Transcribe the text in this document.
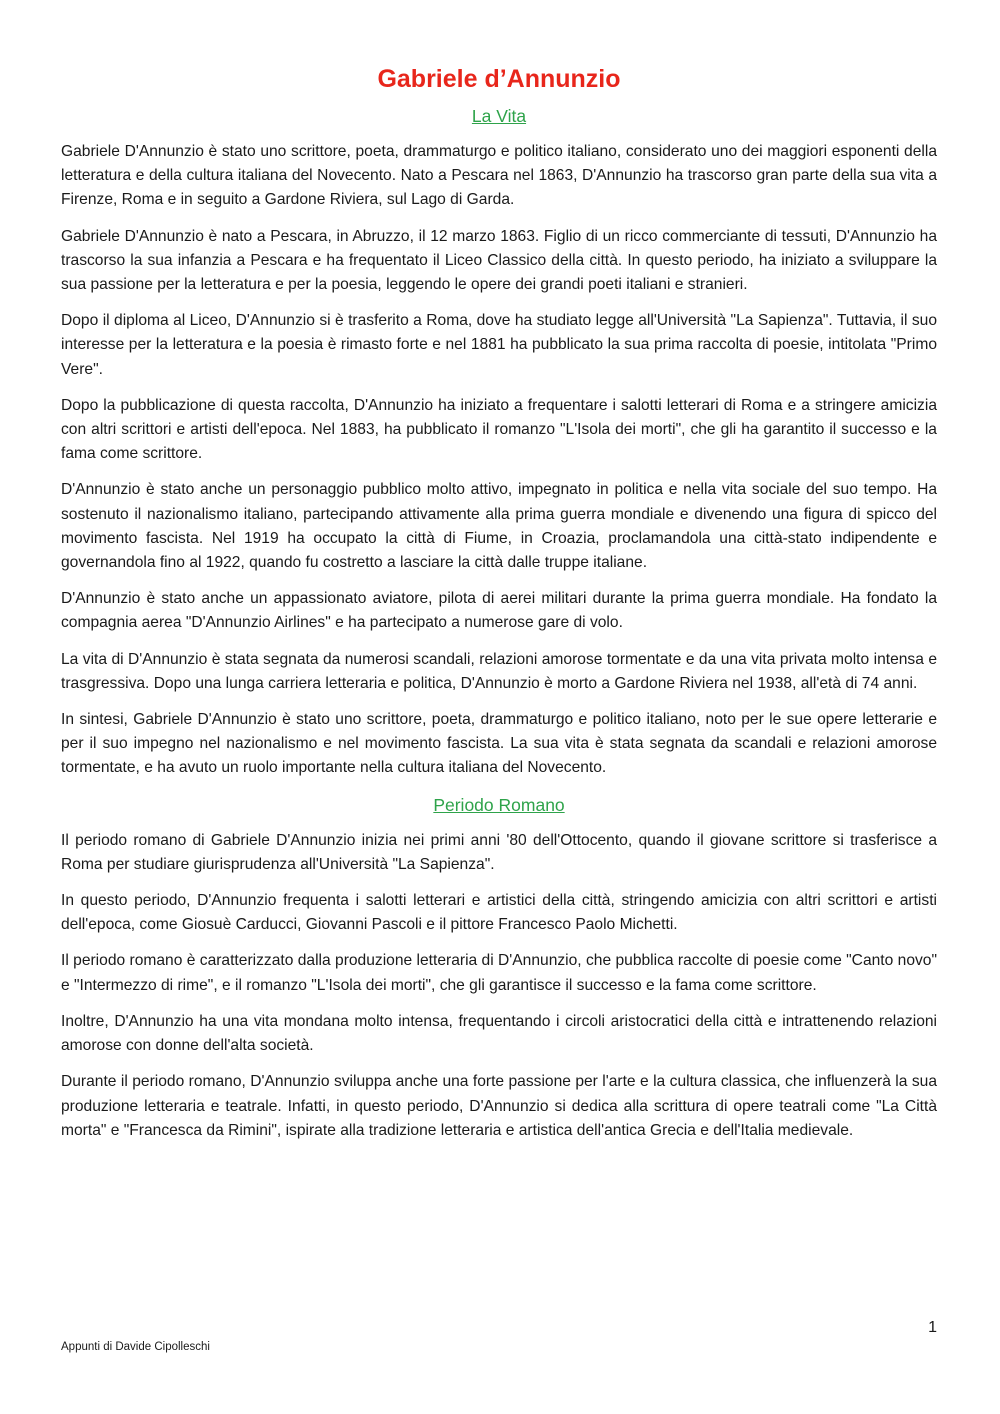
Gabriele d’Annunzio
La Vita

Gabriele D'Annunzio è stato uno scrittore, poeta, drammaturgo e politico italiano, considerato uno dei maggiori esponenti della letteratura e della cultura italiana del Novecento. Nato a Pescara nel 1863, D'Annunzio ha trascorso gran parte della sua vita a Firenze, Roma e in seguito a Gardone Riviera, sul Lago di Garda.

Gabriele D'Annunzio è nato a Pescara, in Abruzzo, il 12 marzo 1863. Figlio di un ricco commerciante di tessuti, D'Annunzio ha trascorso la sua infanzia a Pescara e ha frequentato il Liceo Classico della città. In questo periodo, ha iniziato a sviluppare la sua passione per la letteratura e per la poesia, leggendo le opere dei grandi poeti italiani e stranieri.

Dopo il diploma al Liceo, D'Annunzio si è trasferito a Roma, dove ha studiato legge all'Università "La Sapienza". Tuttavia, il suo interesse per la letteratura e la poesia è rimasto forte e nel 1881 ha pubblicato la sua prima raccolta di poesie, intitolata "Primo Vere".

Dopo la pubblicazione di questa raccolta, D'Annunzio ha iniziato a frequentare i salotti letterari di Roma e a stringere amicizia con altri scrittori e artisti dell'epoca. Nel 1883, ha pubblicato il romanzo "L'Isola dei morti", che gli ha garantito il successo e la fama come scrittore.

D'Annunzio è stato anche un personaggio pubblico molto attivo, impegnato in politica e nella vita sociale del suo tempo. Ha sostenuto il nazionalismo italiano, partecipando attivamente alla prima guerra mondiale e divenendo una figura di spicco del movimento fascista. Nel 1919 ha occupato la città di Fiume, in Croazia, proclamandola una città-stato indipendente e governandola fino al 1922, quando fu costretto a lasciare la città dalle truppe italiane.

D'Annunzio è stato anche un appassionato aviatore, pilota di aerei militari durante la prima guerra mondiale. Ha fondato la compagnia aerea "D'Annunzio Airlines" e ha partecipato a numerose gare di volo.

La vita di D'Annunzio è stata segnata da numerosi scandali, relazioni amorose tormentate e da una vita privata molto intensa e trasgressiva. Dopo una lunga carriera letteraria e politica, D'Annunzio è morto a Gardone Riviera nel 1938, all'età di 74 anni.

In sintesi, Gabriele D'Annunzio è stato uno scrittore, poeta, drammaturgo e politico italiano, noto per le sue opere letterarie e per il suo impegno nel nazionalismo e nel movimento fascista. La sua vita è stata segnata da scandali e relazioni amorose tormentate, e ha avuto un ruolo importante nella cultura italiana del Novecento.

Periodo Romano

Il periodo romano di Gabriele D'Annunzio inizia nei primi anni '80 dell'Ottocento, quando il giovane scrittore si trasferisce a Roma per studiare giurisprudenza all'Università "La Sapienza".

In questo periodo, D'Annunzio frequenta i salotti letterari e artistici della città, stringendo amicizia con altri scrittori e artisti dell'epoca, come Giosuè Carducci, Giovanni Pascoli e il pittore Francesco Paolo Michetti.

Il periodo romano è caratterizzato dalla produzione letteraria di D'Annunzio, che pubblica raccolte di poesie come "Canto novo" e "Intermezzo di rime", e il romanzo "L'Isola dei morti", che gli garantisce il successo e la fama come scrittore.

Inoltre, D'Annunzio ha una vita mondana molto intensa, frequentando i circoli aristocratici della città e intrattenendo relazioni amorose con donne dell'alta società.

Durante il periodo romano, D'Annunzio sviluppa anche una forte passione per l'arte e la cultura classica, che influenzerà la sua produzione letteraria e teatrale. Infatti, in questo periodo, D'Annunzio si dedica alla scrittura di opere teatrali come "La Città morta" e "Francesca da Rimini", ispirate alla tradizione letteraria e artistica dell'antica Grecia e dell'Italia medievale.

1
Appunti di Davide Cipolleschi
